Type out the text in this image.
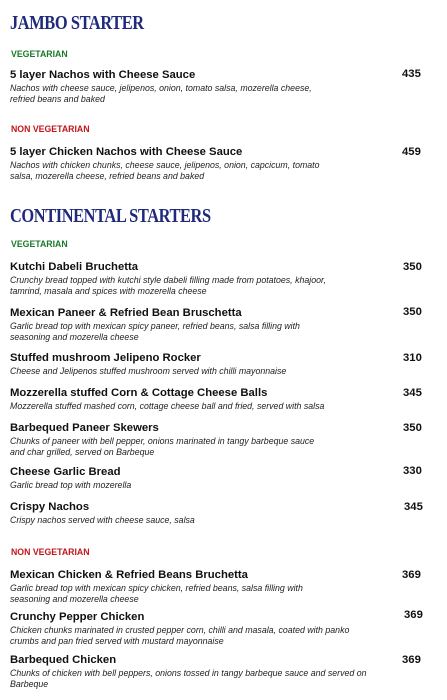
JAMBO STARTER
VEGETARIAN
5 layer Nachos with Cheese Sauce
Nachos with cheese sauce, jelipenos, onion, tomato salsa, mozerella cheese, refried beans and baked
435
NON VEGETARIAN
5 layer Chicken Nachos with Cheese Sauce
Nachos with chicken chunks, cheese sauce, jelipenos, onion, capcicum, tomato salsa, mozerella cheese, refried beans and baked
459
CONTINENTAL STARTERS
VEGETARIAN
Kutchi Dabeli Bruchetta
Crunchy bread topped with kutchi style dabeli filling made from potatoes, khajoor, tamrind, masala and spices with mozerella cheese
350
Mexican Paneer & Refried Bean Bruschetta
Garlic bread top with mexican spicy paneer, refried beans, salsa filling with seasoning and mozerella cheese
350
Stuffed mushroom Jelipeno Rocker
Cheese and Jelipenos stuffed mushroom served with chilli mayonnaise
310
Mozzerella stuffed Corn & Cottage Cheese Balls
Mozzerella stuffed mashed corn, cottage cheese ball and fried, served with salsa
345
Barbequed Paneer Skewers
Chunks of paneer with bell pepper, onions marinated in tangy barbeque sauce and char grilled, served on Barbeque
350
Cheese Garlic Bread
Garlic bread top with mozerella
330
Crispy Nachos
Crispy nachos served with cheese sauce, salsa
345
NON VEGETARIAN
Mexican Chicken & Refried Beans Bruchetta
Garlic bread top with mexican spicy chicken, refried beans, salsa filling with seasoning and mozerella cheese
369
Crunchy Pepper Chicken
Chicken chunks marinated in crusted pepper corn, chilli and masala, coated with panko crumbs and pan fried served with mustard mayonnaise
369
Barbequed Chicken
Chunks of chicken with bell peppers, onions tossed in tangy barbeque sauce and served on Barbeque
369
